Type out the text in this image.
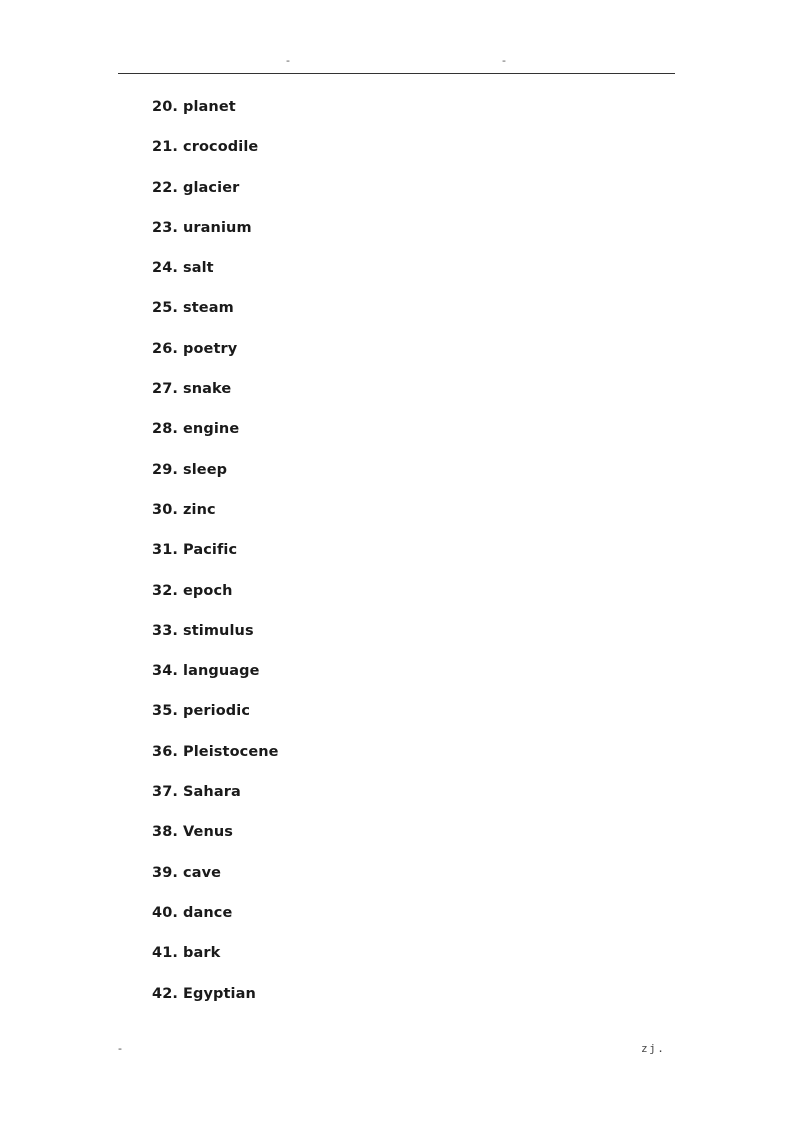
-	-
20. planet
21. crocodile
22. glacier
23. uranium
24. salt
25. steam
26. poetry
27. snake
28. engine
29. sleep
30. zinc
31. Pacific
32. epoch
33. stimulus
34. language
35. periodic
36. Pleistocene
37. Sahara
38. Venus
39. cave
40. dance
41. bark
42. Egyptian
-	zj.
